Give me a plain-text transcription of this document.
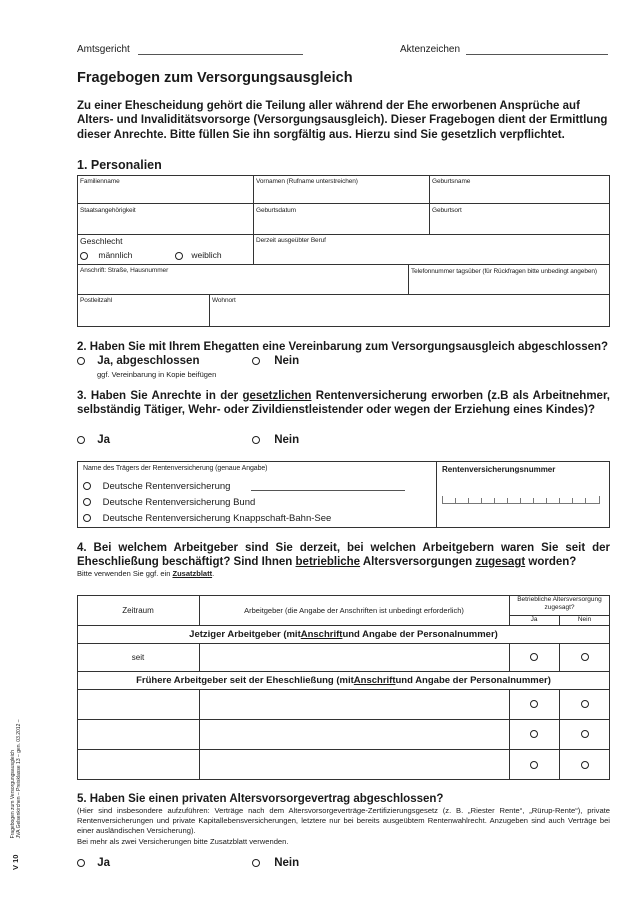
Amtsgericht	Aktenzeichen
Fragebogen zum Versorgungsausgleich
Zu einer Ehescheidung gehört die Teilung aller während der Ehe erworbenen Ansprüche auf Alters- und Invaliditätsvorsorge (Versorgungsausgleich). Dieser Fragebogen dient der Ermittlung dieser Anrechte. Bitte füllen Sie ihn sorgfältig aus. Hierzu sind Sie gesetzlich verpflichtet.
1. Personalien
Familienname	Vornamen (Rufname unterstreichen)	Geburtsname
Staatsangehörigkeit	Geburtsdatum	Geburtsort
Geschlecht
männlich	weiblich
Derzeit ausgeübter Beruf
Anschrift: Straße, Hausnummer	Telefonnummer tagsüber (für Rückfragen bitte unbedingt angeben)
Postleitzahl	Wohnort
2. Haben Sie mit Ihrem Ehegatten eine Vereinbarung zum Versorgungsausgleich abgeschlossen?
Ja, abgeschlossen	Nein
ggf. Vereinbarung in Kopie beifügen
3. Haben Sie Anrechte in der gesetzlichen Rentenversicherung erworben (z.B als Arbeitnehmer, selbständig Tätiger, Wehr- oder Zivildienstleistender oder wegen der Erziehung eines Kindes)?
Ja	Nein
Name des Trägers der Rentenversicherung (genaue Angabe)	Rentenversicherungsnummer
Deutsche Rentenversicherung
Deutsche Rentenversicherung Bund
Deutsche Rentenversicherung Knappschaft-Bahn-See
4. Bei welchem Arbeitgeber sind Sie derzeit, bei welchen Arbeitgebern waren Sie seit der Eheschließung beschäftigt? Sind Ihnen betriebliche Altersversorgungen zugesagt worden?
Bitte verwenden Sie ggf. ein Zusatzblatt.
Zeitraum	Arbeitgeber (die Angabe der Anschriften ist unbedingt erforderlich)
Betriebliche Altersversorgung zugesagt?
Ja	Nein
Jetziger Arbeitgeber (mit Anschrift und Angabe der Personalnummer)
seit
Frühere Arbeitgeber seit der Eheschließung (mit Anschrift und Angabe der Personalnummer)
5. Haben Sie einen privaten Altersvorsorgevertrag abgeschlossen?
(Hier sind insbesondere aufzuführen: Verträge nach dem Altersvorsorgeverträge-Zertifizierungsgesetz (z. B. „Riester Rente“, „Rürup-Rente“), private Rentenversicherungen und private Kapitallebensversicherungen, letztere nur bei bereits ausgeübtem Rentenwahlrecht. Anzugeben sind auch Verträge bei einer ausländischen Versicherung).
Bei mehr als zwei Versicherungen bitte Zusatzblatt verwenden.
Ja	Nein
V 10
Fragebogen zum Versorgungsausgleich JVA Gelsenkirchen – Preisklasse 13 – gen. 03.2012 –
